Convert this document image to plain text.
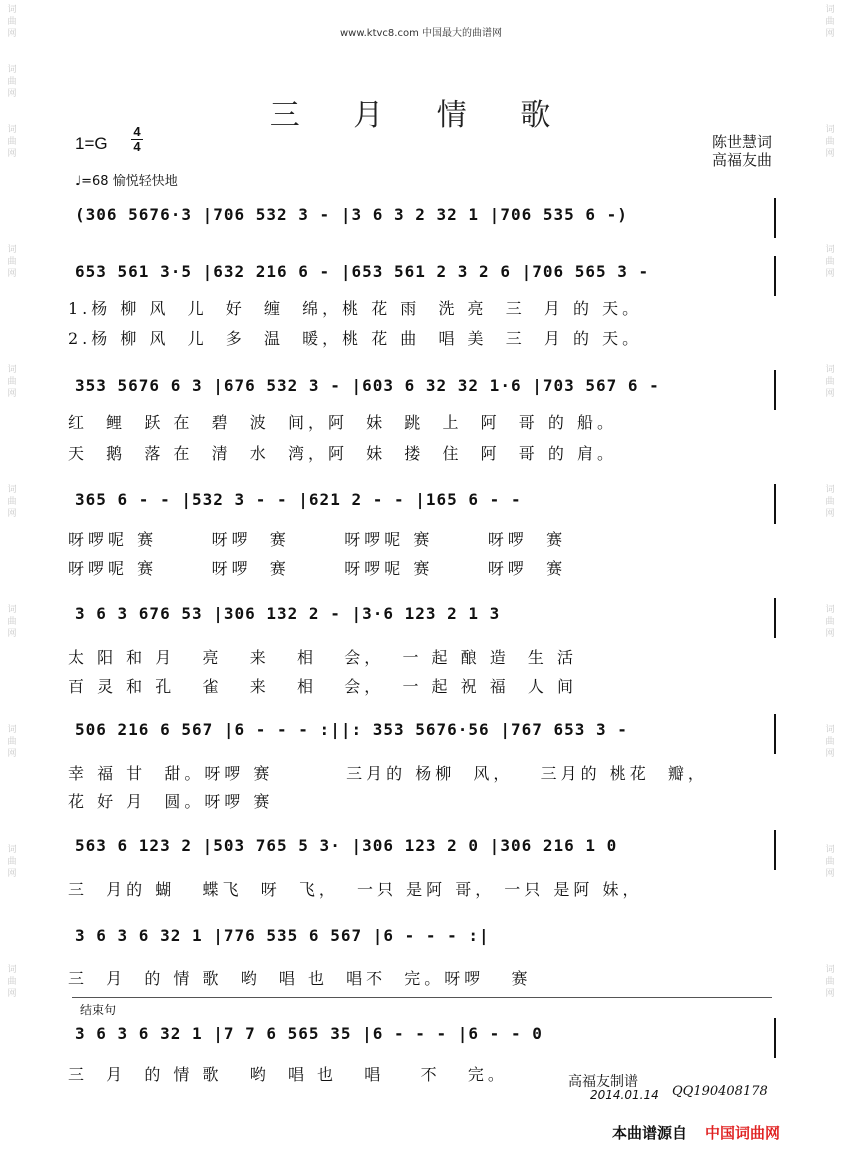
词
曲
网
词
曲
网
词
曲
网
词
曲
网
词
曲
网
词
曲
网
词
曲
网
词
曲
网
词
曲
网
词
曲
网
词
曲
网
词
曲
网
词
曲
网
词
曲
网
词
曲
网
词
曲
网
词
曲
网
词
曲
网
词
曲
网
www.ktvc8.com 中国最大的曲谱网
三 月 情 歌
1=G
4
4	陈世慧词
高福友曲
♩=68 愉悦轻快地
(306 5676·3 |706 532 3 - |3 6 3 2 32 1 |706 535 6 -)
653 561 3·5 |632 216 6 - |653 561 2 3 2 6 |706 565 3 -
353 5676 6 3 |676 532 3 - |603 6 32 32 1·6 |703 567 6 -
365 6 - - |532 3 - - |621 2 - - |165 6 - -
3 6 3 676 53 |306 132 2 - |3·6 123 2 1 3
506 216 6 567 |6 - - - :||: 353 5676·56 |767 653 3 -
563 6 123 2 |503 765 5 3· |306 123 2 0 |306 216 1 0
3 6 3 6 32 1 |776 535 6 567 |6 - - - :|
3 6 3 6 32 1 |7 7 6 565 35 |6 - - - |6 - - 0
1.杨 柳 风  儿  好  缠  绵，桃 花 雨  洗 亮  三  月 的 天。
2.杨 柳 风  儿  多  温  暖，桃 花 曲  唱 美  三  月 的 天。
红  鲤  跃 在  碧  波  间，阿  妹  跳  上  阿  哥 的 船。
天  鹅  落 在  清  水  湾，阿  妹  搂  住  阿  哥 的 肩。
呀啰呢 赛      呀啰  赛      呀啰呢 赛      呀啰  赛
呀啰呢 赛      呀啰  赛      呀啰呢 赛      呀啰  赛
太 阳 和 月   亮   来   相   会，  一 起 酿 造  生 活
百 灵 和 孔   雀   来   相   会，  一 起 祝 福  人 间
幸 福 甘  甜。呀啰 赛        三月的 杨柳  风，   三月的 桃花  瓣，
花 好 月  圆。呀啰 赛
三  月的 蝴   蝶飞  呀  飞，  一只 是阿 哥， 一只 是阿 妹，
三  月  的 情 歌  哟  唱 也  唱不  完。呀啰   赛
三  月  的 情 歌   哟  唱 也   唱    不   完。
结束句
高福友制谱
2014.01.14 QQ190408178
本曲谱源自 中国词曲网
